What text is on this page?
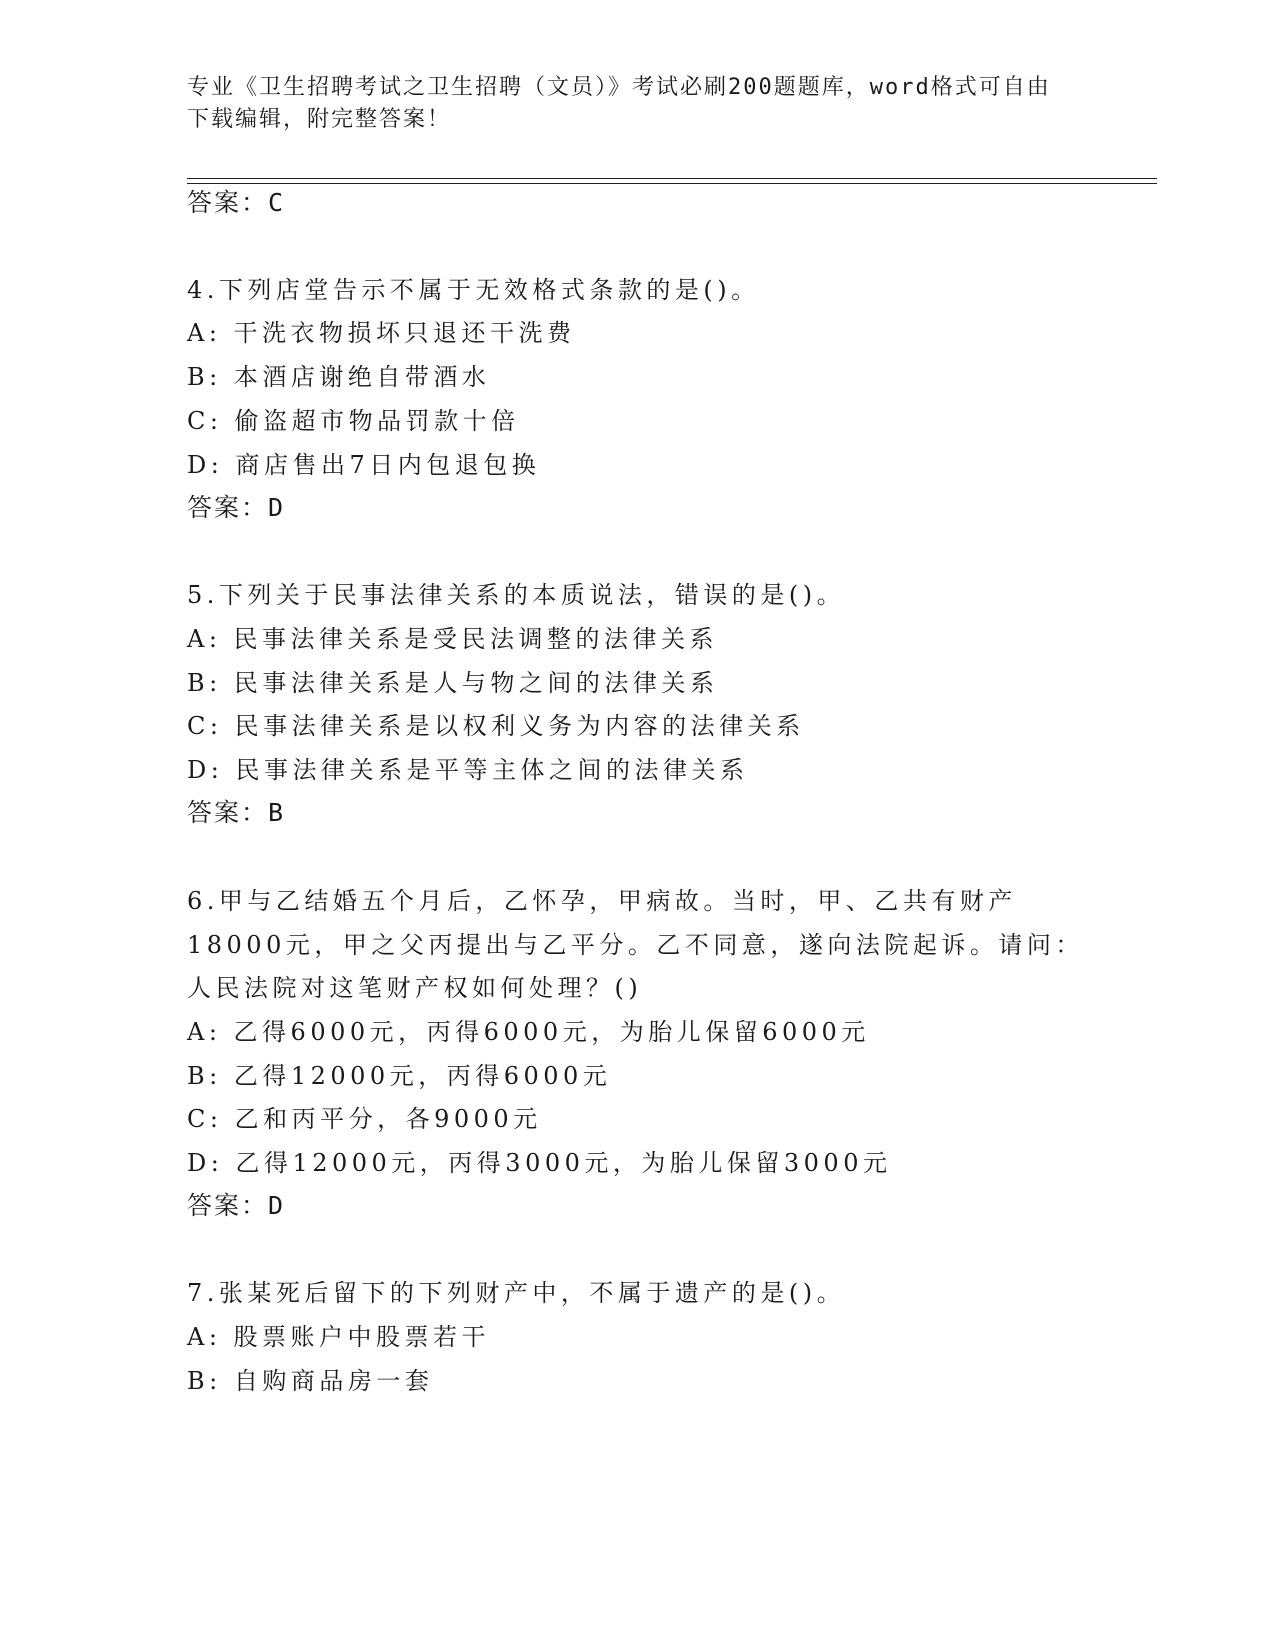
专业《卫生招聘考试之卫生招聘（文员）》考试必刷200题题库，word格式可自由下载编辑，附完整答案！
答案：C
4.下列店堂告示不属于无效格式条款的是()。
A: 干洗衣物损坏只退还干洗费
B: 本酒店谢绝自带酒水
C: 偷盗超市物品罚款十倍
D: 商店售出7日内包退包换
答案：D
5.下列关于民事法律关系的本质说法，错误的是()。
A: 民事法律关系是受民法调整的法律关系
B: 民事法律关系是人与物之间的法律关系
C: 民事法律关系是以权利义务为内容的法律关系
D: 民事法律关系是平等主体之间的法律关系
答案：B
6.甲与乙结婚五个月后，乙怀孕，甲病故。当时，甲、乙共有财产
18000元，甲之父丙提出与乙平分。乙不同意，遂向法院起诉。请问：
人民法院对这笔财产权如何处理？()
A: 乙得6000元，丙得6000元，为胎儿保留6000元
B: 乙得12000元，丙得6000元
C: 乙和丙平分，各9000元
D: 乙得12000元，丙得3000元，为胎儿保留3000元
答案：D
7.张某死后留下的下列财产中，不属于遗产的是()。
A: 股票账户中股票若干
B: 自购商品房一套
